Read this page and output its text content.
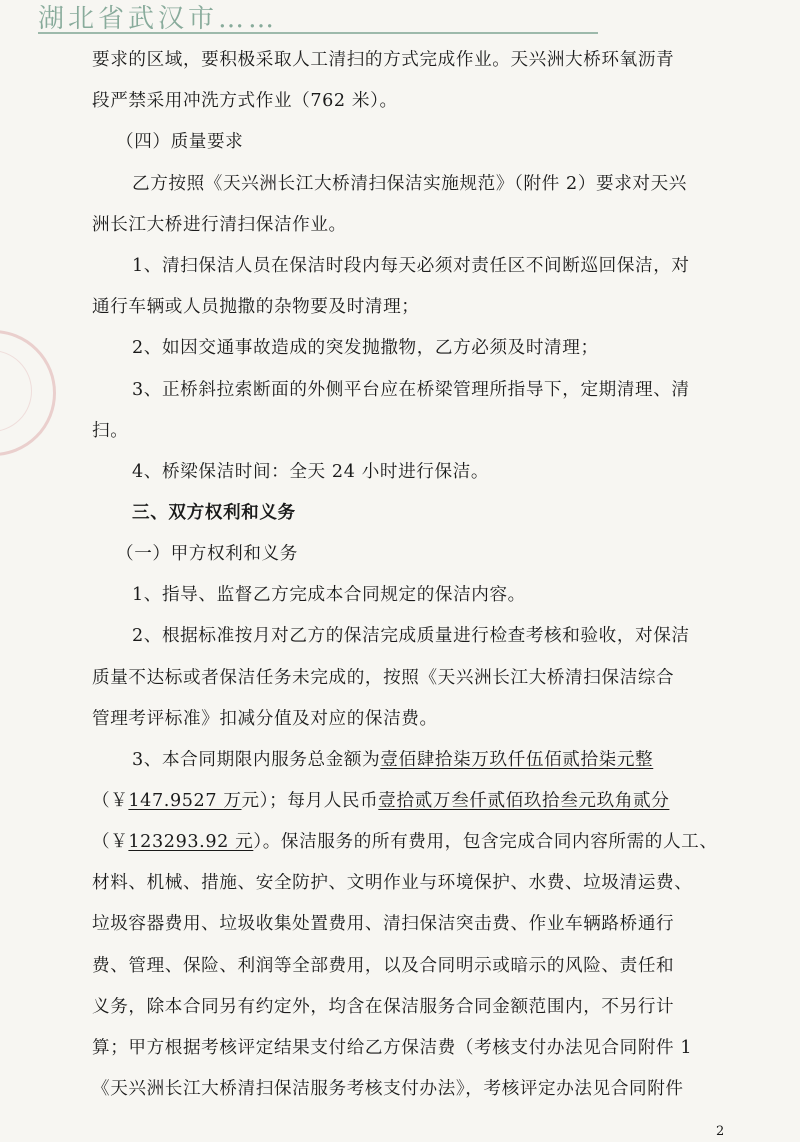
湖北省武汉市……

要求的区域，要积极采取人工清扫的方式完成作业。天兴洲大桥环氧沥青

段严禁采用冲洗方式作业（762 米）。

（四）质量要求

乙方按照《天兴洲长江大桥清扫保洁实施规范》（附件 2）要求对天兴

洲长江大桥进行清扫保洁作业。

1、清扫保洁人员在保洁时段内每天必须对责任区不间断巡回保洁，对

通行车辆或人员抛撒的杂物要及时清理；

2、如因交通事故造成的突发抛撒物，乙方必须及时清理；

3、正桥斜拉索断面的外侧平台应在桥梁管理所指导下，定期清理、清

扫。

4、桥梁保洁时间：全天 24 小时进行保洁。

三、双方权利和义务

（一）甲方权利和义务

1、指导、监督乙方完成本合同规定的保洁内容。

2、根据标准按月对乙方的保洁完成质量进行检查考核和验收，对保洁

质量不达标或者保洁任务未完成的，按照《天兴洲长江大桥清扫保洁综合

管理考评标准》扣减分值及对应的保洁费。

3、本合同期限内服务总金额为壹佰肆拾柒万玖仟伍佰贰拾柒元整

（￥147.9527 万元）；每月人民币壹拾贰万叁仟贰佰玖拾叁元玖角贰分

（￥123293.92 元）。保洁服务的所有费用，包含完成合同内容所需的人工、

材料、机械、措施、安全防护、文明作业与环境保护、水费、垃圾清运费、

垃圾容器费用、垃圾收集处置费用、清扫保洁突击费、作业车辆路桥通行

费、管理、保险、利润等全部费用，以及合同明示或暗示的风险、责任和

义务，除本合同另有约定外，均含在保洁服务合同金额范围内，不另行计

算；甲方根据考核评定结果支付给乙方保洁费（考核支付办法见合同附件 1

《天兴洲长江大桥清扫保洁服务考核支付办法》，考核评定办法见合同附件

2
